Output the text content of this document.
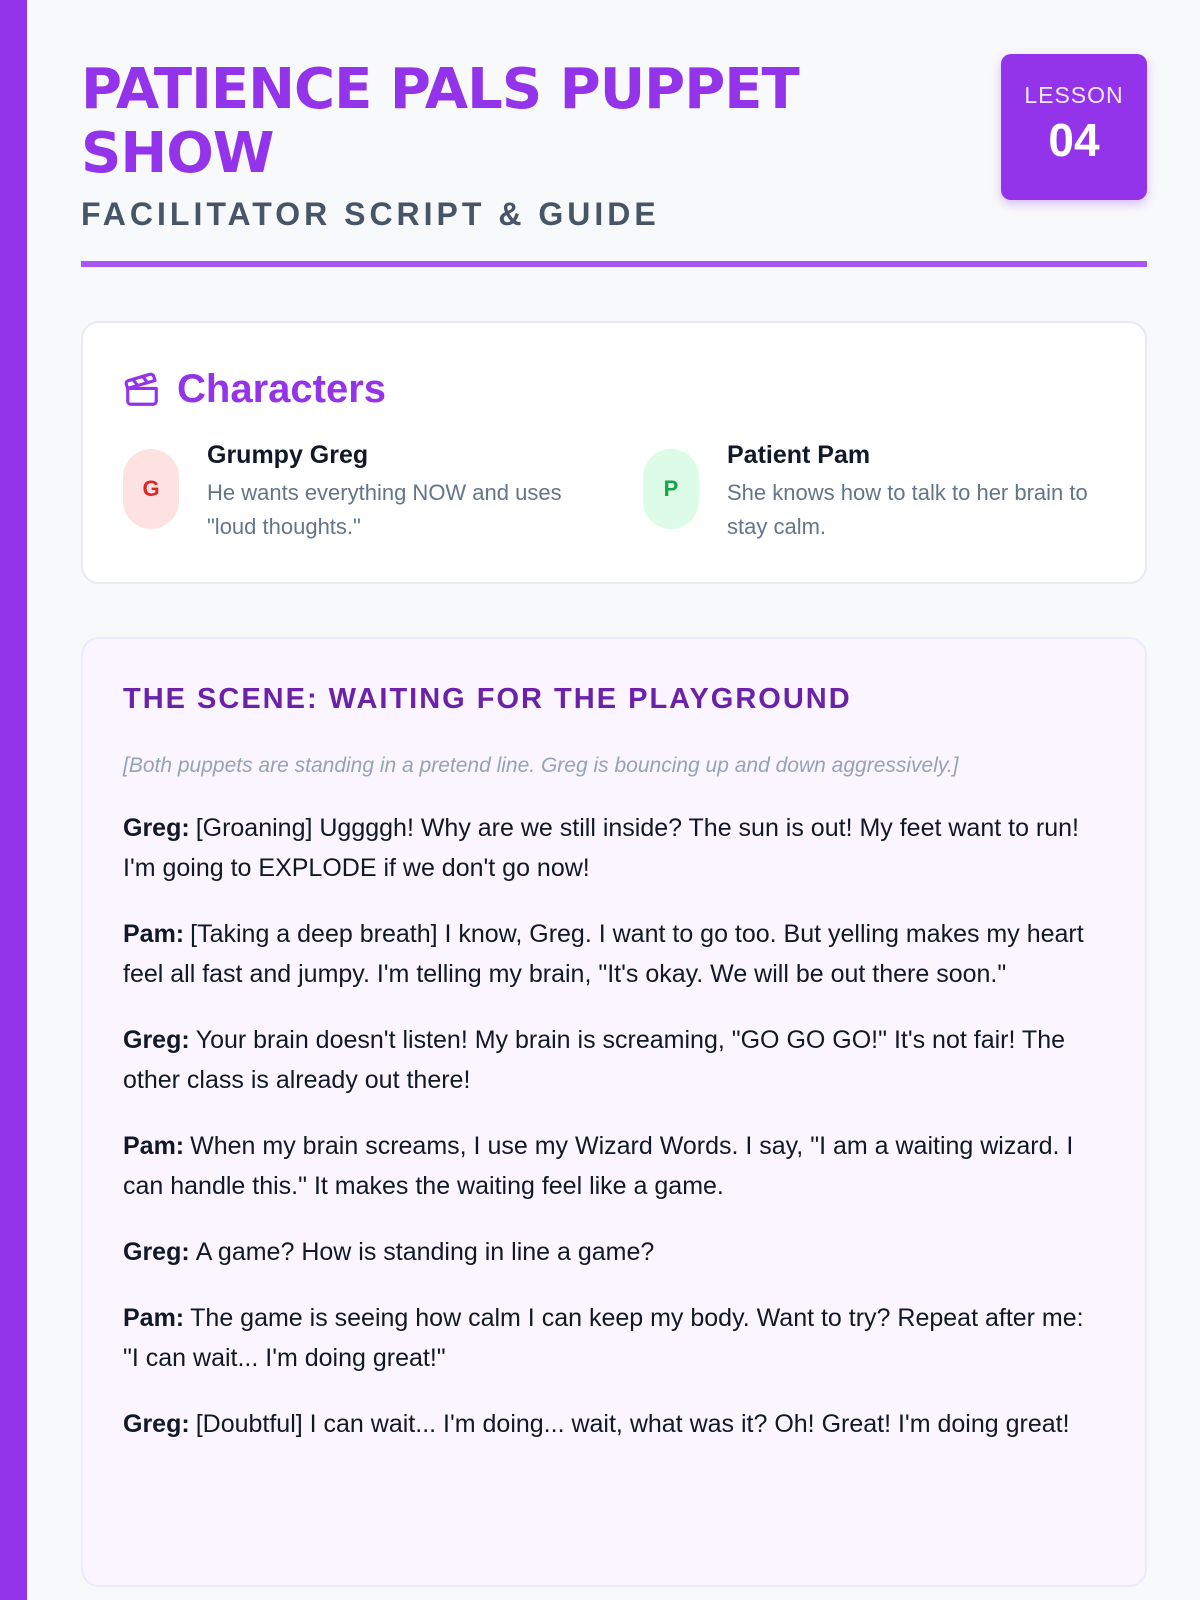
PATIENCE PALS PUPPET SHOW
FACILITATOR SCRIPT & GUIDE
LESSON
04
Characters
G
Grumpy Greg
He wants everything NOW and uses "loud thoughts."
P
Patient Pam
She knows how to talk to her brain to stay calm.
THE SCENE: WAITING FOR THE PLAYGROUND

[Both puppets are standing in a pretend line. Greg is bouncing up and down aggressively.]

Greg: [Groaning] Uggggh! Why are we still inside? The sun is out! My feet want to run! I'm going to EXPLODE if we don't go now!

Pam: [Taking a deep breath] I know, Greg. I want to go too. But yelling makes my heart feel all fast and jumpy. I'm telling my brain, "It's okay. We will be out there soon."

Greg: Your brain doesn't listen! My brain is screaming, "GO GO GO!" It's not fair! The other class is already out there!

Pam: When my brain screams, I use my Wizard Words. I say, "I am a waiting wizard. I can handle this." It makes the waiting feel like a game.

Greg: A game? How is standing in line a game?

Pam: The game is seeing how calm I can keep my body. Want to try? Repeat after me: "I can wait... I'm doing great!"

Greg: [Doubtful] I can wait... I'm doing... wait, what was it? Oh! Great! I'm doing great!
